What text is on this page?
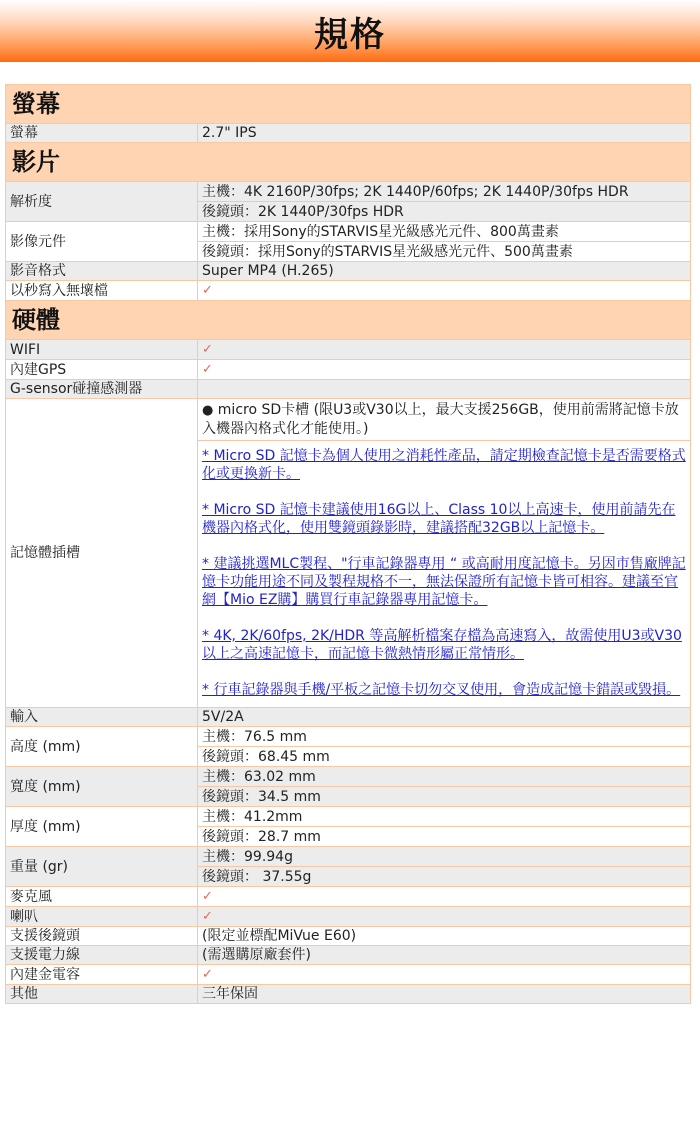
規格
螢幕	
螢幕	2.7" IPS
影片	
解析度	主機：4K 2160P/30fps; 2K 1440P/60fps; 2K 1440P/30fps HDR
	後鏡頭：2K 1440P/30fps HDR
影像元件	主機：採用Sony的STARVIS星光級感光元件、800萬畫素
	後鏡頭：採用Sony的STARVIS星光級感光元件、500萬畫素
影音格式	Super MP4 (H.265)
以秒寫入無壞檔	✓
硬體	
WIFI	✓
內建GPS	✓
G-sensor碰撞感測器	
記憶體插槽	● micro SD卡槽 (限U3或V30以上，最大支援256GB，使用前需將記憶卡放入機器內格式化才能使用。)

	* Micro SD 記憶卡為個人使用之消耗性產品，請定期檢查記憶卡是否需要格式化或更換新卡。
* Micro SD 記憶卡建議使用16G以上、Class 10以上高速卡，使用前請先在機器內格式化，使用雙鏡頭錄影時，建議搭配32GB以上記憶卡。
* 建議挑選MLC製程、"行車記錄器專用 “ 或高耐用度記憶卡。另因市售廠牌記憶卡功能用途不同及製程規格不一，無法保證所有記憶卡皆可相容。建議至官網【Mio EZ購】購買行車記錄器專用記憶卡。
* 4K, 2K/60fps, 2K/HDR 等高解析檔案存檔為高速寫入，故需使用U3或V30以上之高速記憶卡，而記憶卡微熱情形屬正常情形。
* 行車記錄器與手機/平板之記憶卡切勿交叉使用，會造成記憶卡錯誤或毀損。

輸入	5V/2A
高度 (mm)	主機：76.5 mm
	後鏡頭：68.45 mm
寬度 (mm)	主機：63.02 mm
	後鏡頭：34.5 mm
厚度 (mm)	主機：41.2mm
	後鏡頭：28.7 mm
重量 (gr)	主機：99.94g
	後鏡頭： 37.55g
麥克風	✓
喇叭	✓
支援後鏡頭	(限定並標配MiVue E60)
支援電力線	(需選購原廠套件)
內建金電容	✓
其他	三年保固
